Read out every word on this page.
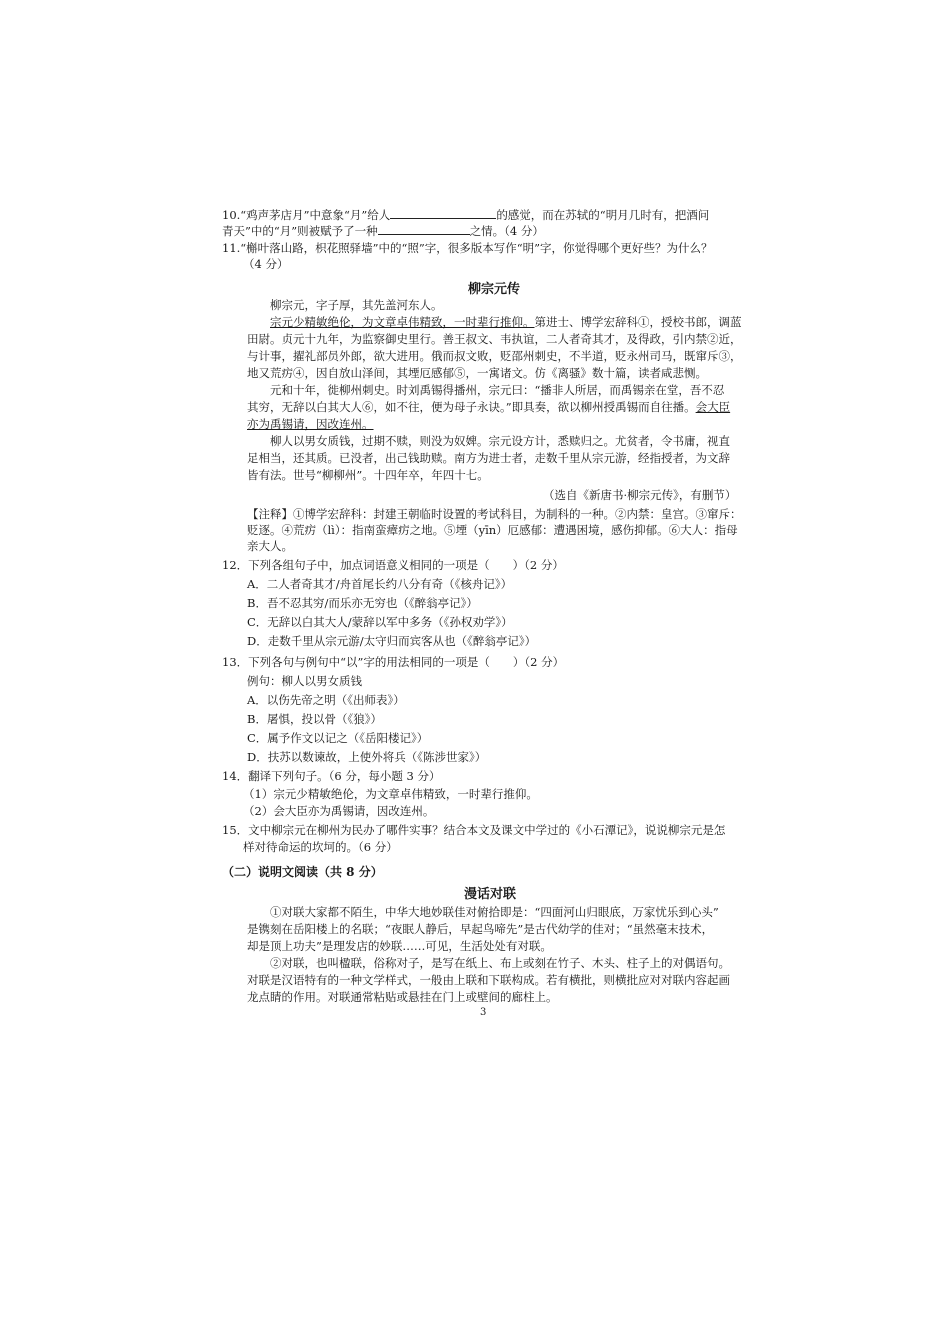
10.“鸡声茅店月”中意象“月”给人	的感觉，而在苏轼的“明月几时有，把酒问
青天”中的“月”则被赋予了一种	之情。（4 分）
11.“槲叶落山路，枳花照驿墙”中的“照”字，很多版本写作“明”字，你觉得哪个更好些？为什么？
（4 分）
柳宗元传
柳宗元，字子厚，其先盖河东人。
宗元少精敏绝伦，为文章卓伟精致，一时辈行推仰。第进士、博学宏辞科①，授校书郎，调蓝
田尉。贞元十九年，为监察御史里行。善王叔文、韦执谊，二人者奇其才，及得政，引内禁②近，
与计事，擢礼部员外郎，欲大进用。俄而叔文败，贬邵州刺史，不半道，贬永州司马，既窜斥③，
地又荒疠④，因自放山泽间，其堙厄感郁⑤，一寓诸文。仿《离骚》数十篇，读者咸悲恻。
元和十年，徙柳州刺史。时刘禹锡得播州，宗元曰：“播非人所居，而禹锡亲在堂，吾不忍
其穷，无辞以白其大人⑥，如不往，便为母子永诀。”即具奏，欲以柳州授禹锡而自往播。会大臣
亦为禹锡请，因改连州。
柳人以男女质钱，过期不赎，则没为奴婢。宗元设方计，悉赎归之。尤贫者，令书庸，视直
足相当，还其质。已没者，出己钱助赎。南方为进士者，走数千里从宗元游，经指授者，为文辞
皆有法。世号“柳柳州”。十四年卒，年四十七。
（选自《新唐书·柳宗元传》，有删节）
【注释】①博学宏辞科：封建王朝临时设置的考试科目，为制科的一种。②内禁：皇宫。③窜斥：
贬逐。④荒疠（lì）：指南蛮瘴疠之地。⑤堙（yīn）厄感郁：遭遇困境，感伤抑郁。⑥大人：指母
亲大人。
12．下列各组句子中，加点词语意义相同的一项是（　　）（2 分）
A．二人者奇其才/舟首尾长约八分有奇（《核舟记》）
B．吾不忍其穷/而乐亦无穷也（《醉翁亭记》）
C．无辞以白其大人/蒙辞以军中多务（《孙权劝学》）
D．走数千里从宗元游/太守归而宾客从也（《醉翁亭记》）
13．下列各句与例句中“以”字的用法相同的一项是（　　）（2 分）
例句：柳人以男女质钱
A．以伤先帝之明（《出师表》）
B．屠惧，投以骨（《狼》）
C．属予作文以记之（《岳阳楼记》）
D．扶苏以数谏故，上使外将兵（《陈涉世家》）
14．翻译下列句子。（6 分，每小题 3 分）
（1）宗元少精敏绝伦，为文章卓伟精致，一时辈行推仰。
（2）会大臣亦为禹锡请，因改连州。
15．文中柳宗元在柳州为民办了哪件实事？结合本文及课文中学过的《小石潭记》，说说柳宗元是怎
样对待命运的坎坷的。（6 分）
（二）说明文阅读（共 8 分）
漫话对联
①对联大家都不陌生，中华大地妙联佳对俯拾即是：“四面河山归眼底，万家忧乐到心头”
是镌刻在岳阳楼上的名联；“夜眠人静后，早起鸟啼先”是古代幼学的佳对；“虽然毫末技术，
却是顶上功夫”是理发店的妙联……可见，生活处处有对联。
②对联，也叫楹联，俗称对子，是写在纸上、布上或刻在竹子、木头、柱子上的对偶语句。
对联是汉语特有的一种文学样式，一般由上联和下联构成。若有横批，则横批应对对联内容起画
龙点睛的作用。对联通常粘贴或悬挂在门上或壁间的廊柱上。
3
